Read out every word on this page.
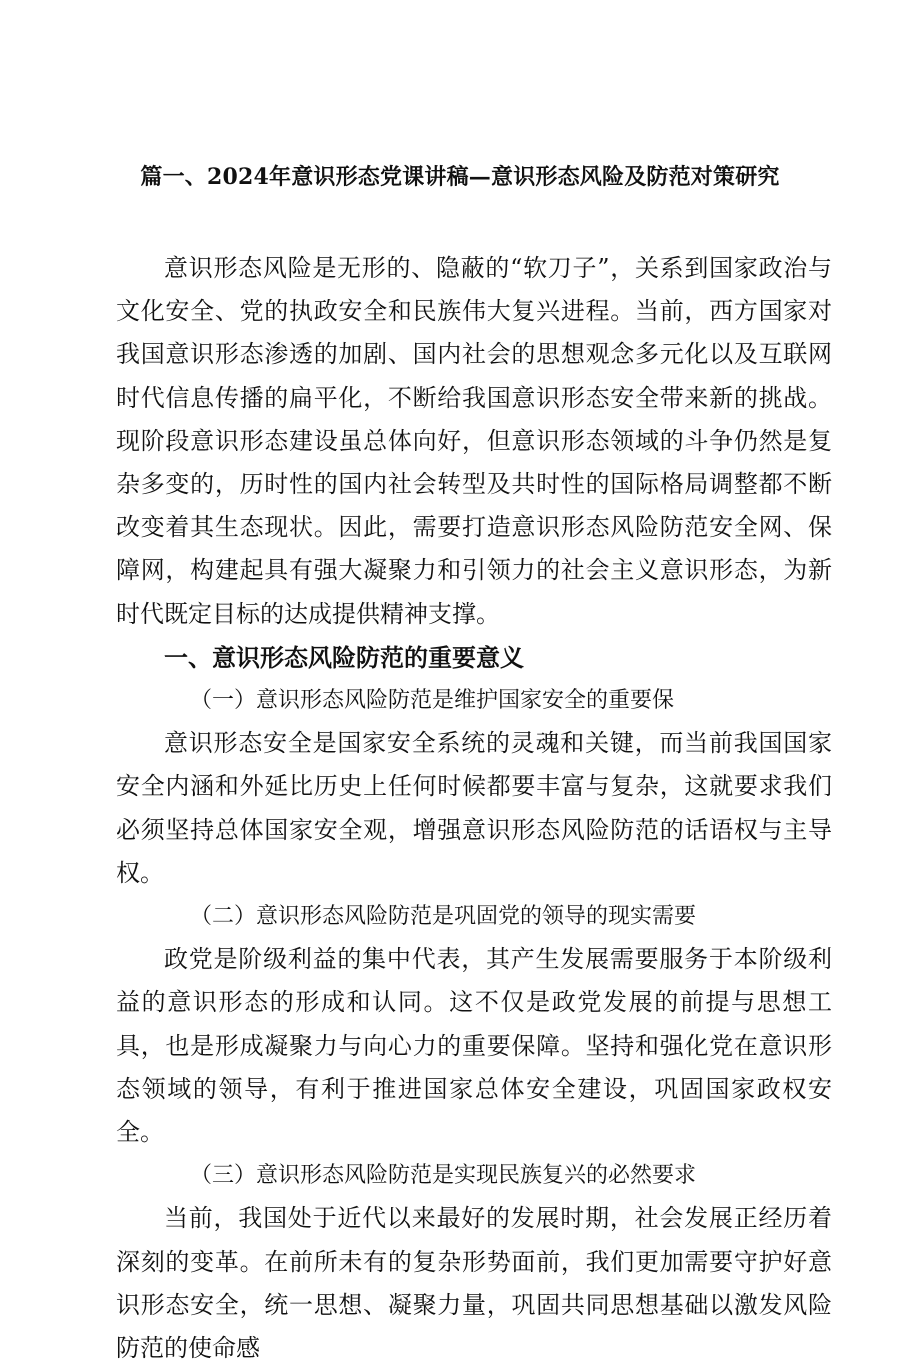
篇一、2024年意识形态党课讲稿—意识形态风险及防范对策研究

意识形态风险是无形的、隐蔽的“软刀子”，关系到国家政治与文化安全、党的执政安全和民族伟大复兴进程。当前，西方国家对我国意识形态渗透的加剧、国内社会的思想观念多元化以及互联网时代信息传播的扁平化，不断给我国意识形态安全带来新的挑战。现阶段意识形态建设虽总体向好，但意识形态领域的斗争仍然是复杂多变的，历时性的国内社会转型及共时性的国际格局调整都不断改变着其生态现状。因此，需要打造意识形态风险防范安全网、保障网，构建起具有强大凝聚力和引领力的社会主义意识形态，为新时代既定目标的达成提供精神支撑。

一、意识形态风险防范的重要意义

（一）意识形态风险防范是维护国家安全的重要保

意识形态安全是国家安全系统的灵魂和关键，而当前我国国家安全内涵和外延比历史上任何时候都要丰富与复杂，这就要求我们必须坚持总体国家安全观，增强意识形态风险防范的话语权与主导权。

（二）意识形态风险防范是巩固党的领导的现实需要

政党是阶级利益的集中代表，其产生发展需要服务于本阶级利益的意识形态的形成和认同。这不仅是政党发展的前提与思想工具，也是形成凝聚力与向心力的重要保障。坚持和强化党在意识形态领域的领导，有利于推进国家总体安全建设，巩固国家政权安全。

（三）意识形态风险防范是实现民族复兴的必然要求

当前，我国处于近代以来最好的发展时期，社会发展正经历着深刻的变革。在前所未有的复杂形势面前，我们更加需要守护好意识形态安全，统一思想、凝聚力量，巩固共同思想基础以激发风险防范的使命感
